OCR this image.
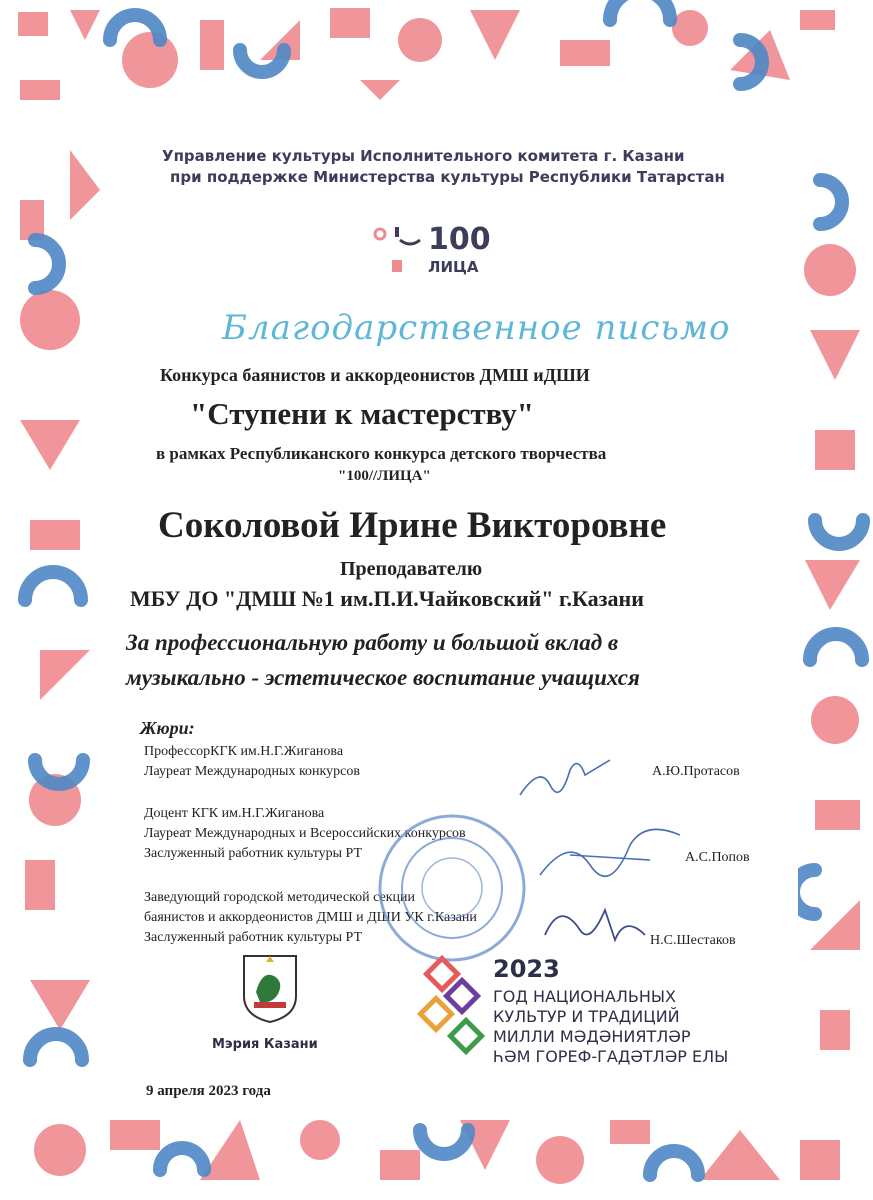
Управление культуры Исполнительного комитета г. Казани
при поддержке Министерства культуры Республики Татарстан
100
ЛИЦА
Благодарственное письмо
Конкурса баянистов и аккордеонистов ДМШ иДШИ
"Ступени к мастерству"
в рамках Республиканского конкурса детского творчества
"100//ЛИЦА"
Соколовой Ирине Викторовне
Преподавателю
МБУ ДО "ДМШ №1 им.П.И.Чайковский" г.Казани
За профессиональную работу и большой вклад в
музыкально - эстетическое воспитание учащихся
Жюри:
ПрофессорКГК им.Н.Г.Жиганова
Лауреат Международных конкурсов	А.Ю.Протасов
Доцент КГК им.Н.Г.Жиганова
Лауреат Международных и Всероссийских конкурсов
Заслуженный работник культуры РТ	А.С.Попов
Заведующий городской методической секции
баянистов и аккордеонистов ДМШ и ДШИ УК г.Казани
Заслуженный работник культуры РТ	Н.С.Шестаков
Мэрия Казани
2023
ГОД НАЦИОНАЛЬНЫХ
КУЛЬТУР И ТРАДИЦИЙ
МИЛЛИ МӘДӘНИЯТЛӘР
ҺӘМ ГОРЕФ-ГАДӘТЛӘР ЕЛЫ
9 апреля 2023 года
